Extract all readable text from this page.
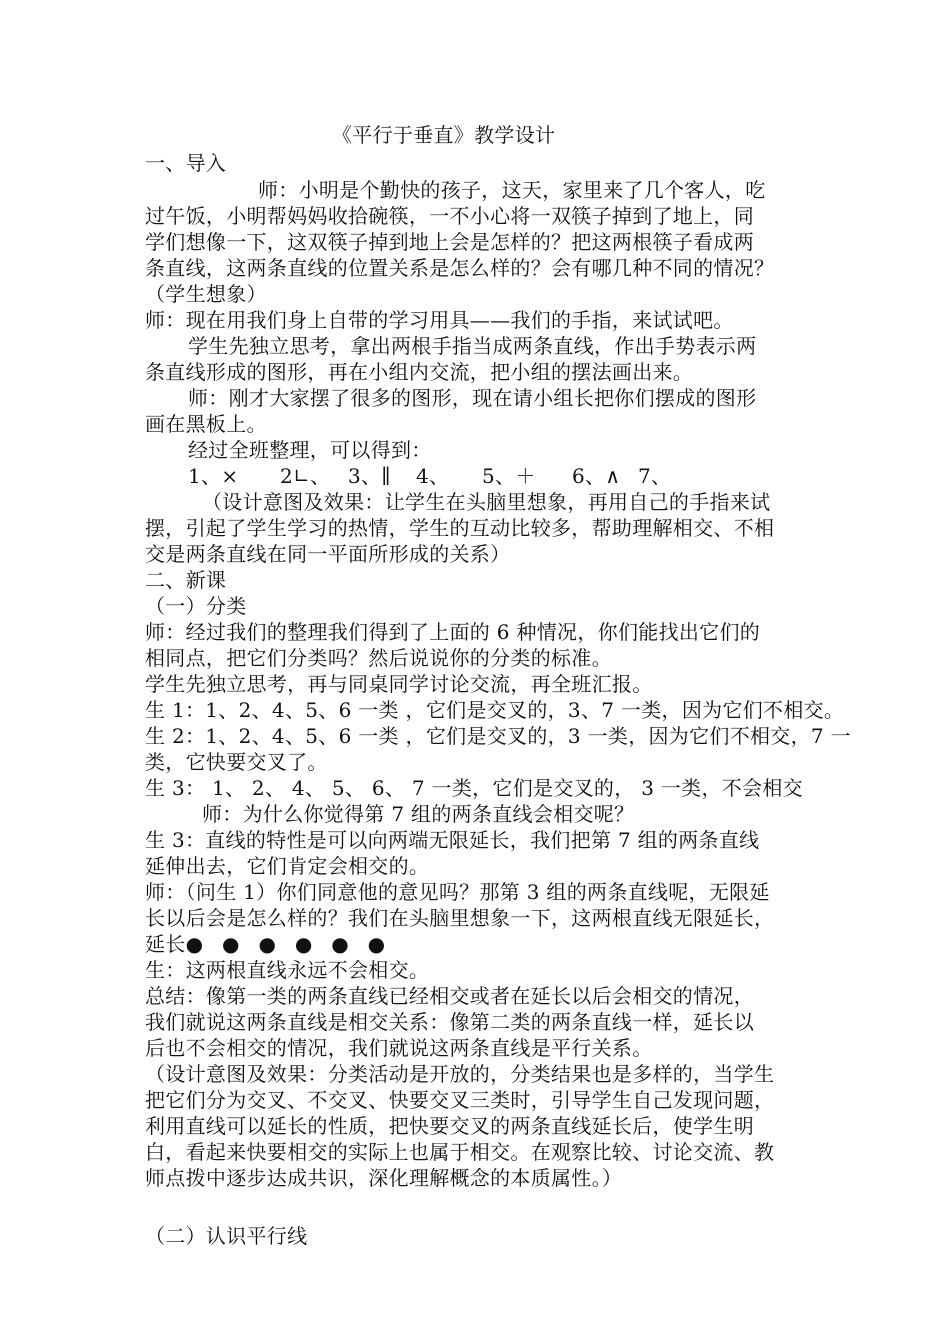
《平行于垂直》教学设计
一、导入
师：小明是个勤快的孩子，这天，家里来了几个客人，吃
过午饭，小明帮妈妈收拾碗筷，一不小心将一双筷子掉到了地上，同
学们想像一下，这双筷子掉到地上会是怎样的？把这两根筷子看成两
条直线，这两条直线的位置关系是怎么样的？会有哪几种不同的情况？
（学生想象）
师：现在用我们身上自带的学习用具——我们的手指，来试试吧。
学生先独立思考，拿出两根手指当成两条直线，作出手势表示两
条直线形成的图形，再在小组内交流，把小组的摆法画出来。
师：刚才大家摆了很多的图形，现在请小组长把你们摆成的图形
画在黑板上。
经过全班整理，可以得到：
1、× 2∟、 3、∥ 4、 5、＋ 6、∧ 7、
（设计意图及效果：让学生在头脑里想象，再用自己的手指来试
摆，引起了学生学习的热情，学生的互动比较多，帮助理解相交、不相
交是两条直线在同一平面所形成的关系）
二、新课
（一）分类
师：经过我们的整理我们得到了上面的 6 种情况，你们能找出它们的
相同点，把它们分类吗？然后说说你的分类的标准。
学生先独立思考，再与同桌同学讨论交流，再全班汇报。
生 1：1、2、4、5、6 一类 ，它们是交叉的，3、7 一类，因为它们不相交。
生 2：1、2、4、5、6 一类 ，它们是交叉的，3 一类，因为它们不相交，7 一
类，它快要交叉了。
生 3： 1、 2、 4、 5、 6、 7 一类，它们是交叉的， 3 一类，不会相交
师：为什么你觉得第 7 组的两条直线会相交呢？
生 3：直线的特性是可以向两端无限延长，我们把第 7 组的两条直线
延伸出去，它们肯定会相交的。
师：（问生 1）你们同意他的意见吗？那第 3 组的两条直线呢，无限延
长以后会是怎么样的？我们在头脑里想象一下，这两根直线无限延长，
延长● ● ● ● ● ●
生：这两根直线永远不会相交。
总结：像第一类的两条直线已经相交或者在延长以后会相交的情况，
我们就说这两条直线是相交关系：像第二类的两条直线一样，延长以
后也不会相交的情况，我们就说这两条直线是平行关系。
（设计意图及效果：分类活动是开放的，分类结果也是多样的，当学生
把它们分为交叉、不交叉、快要交叉三类时，引导学生自己发现问题，
利用直线可以延长的性质，把快要交叉的两条直线延长后，使学生明
白，看起来快要相交的实际上也属于相交。在观察比较、讨论交流、教
师点拨中逐步达成共识，深化理解概念的本质属性。）
（二）认识平行线
